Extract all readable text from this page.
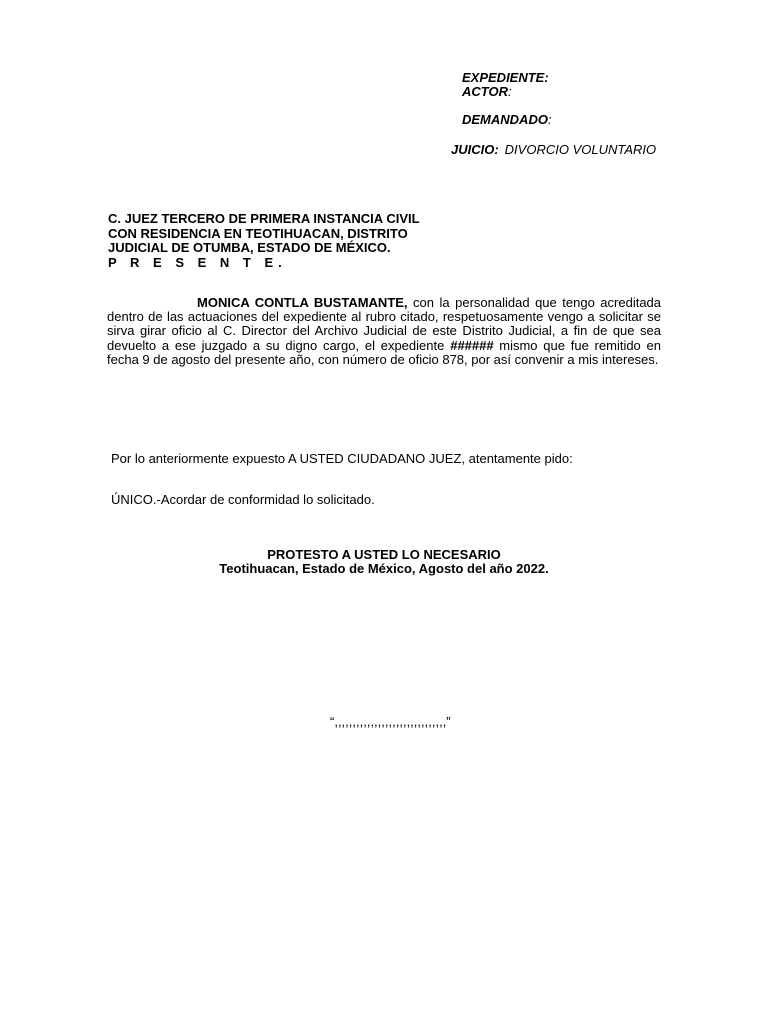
EXPEDIENTE:
ACTOR:
DEMANDADO:
JUICIO: DIVORCIO VOLUNTARIO
C. JUEZ TERCERO DE PRIMERA INSTANCIA CIVIL
CON RESIDENCIA EN TEOTIHUACAN, DISTRITO
JUDICIAL DE OTUMBA, ESTADO DE MÉXICO.
P R E S E N T E.
MONICA CONTLA BUSTAMANTE, con la personalidad que tengo acreditada dentro de las actuaciones del expediente al rubro citado, respetuosamente vengo a solicitar se sirva girar oficio al C. Director del Archivo Judicial de este Distrito Judicial, a fin de que sea devuelto a ese juzgado a su digno cargo, el expediente ###### mismo que fue remitido en fecha 9 de agosto del presente año, con número de oficio 878, por así convenir a mis intereses.
Por lo anteriormente expuesto A USTED CIUDADANO JUEZ, atentamente pido:
ÚNICO.-Acordar de conformidad lo solicitado.
PROTESTO A USTED LO NECESARIO
Teotihuacan, Estado de México, Agosto del año 2022.
“,,,,,,,,,,,,,,,,,,,,,,,,,,,,,,,”
